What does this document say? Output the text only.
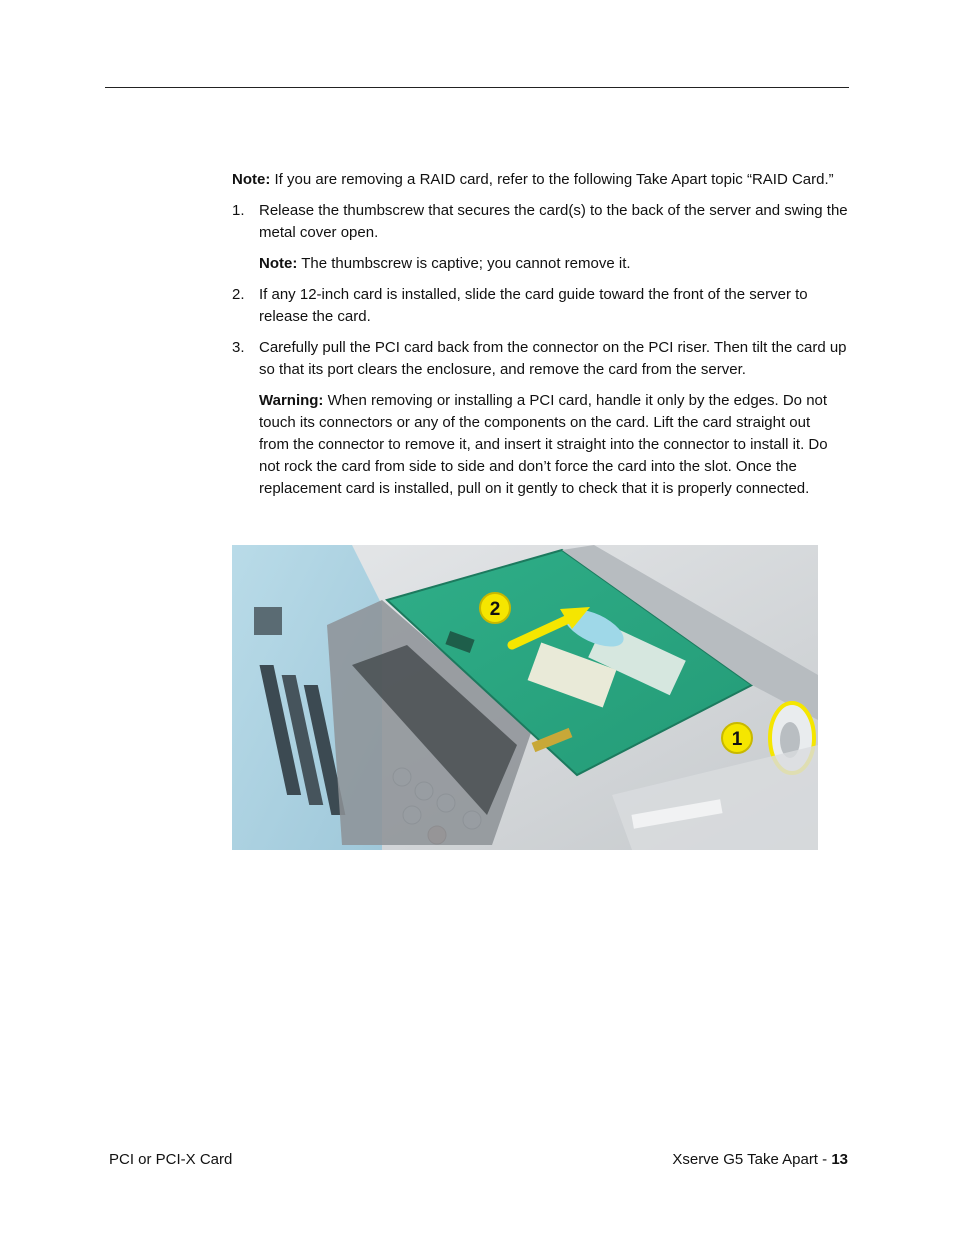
Note: If you are removing a RAID card, refer to the following Take Apart topic “RAID Card.”

1. Release the thumbscrew that secures the card(s) to the back of the server and swing the metal cover open.

Note: The thumbscrew is captive; you cannot remove it.

2. If any 12-inch card is installed, slide the card guide toward the front of the server to release the card.

3. Carefully pull the PCI card back from the connector on the PCI riser. Then tilt the card up so that its port clears the enclosure, and remove the card from the server.

Warning: When removing or installing a PCI card, handle it only by the edges. Do not touch its connectors or any of the components on the card. Lift the card straight out from the connector to remove it, and insert it straight into the connector to install it. Do not rock the card from side to side and don’t force the card into the slot. Once the replacement card is installed, pull on it gently to check that it is properly connected.

2
1
PCI or PCI-X Card	Xserve G5 Take Apart - 13
